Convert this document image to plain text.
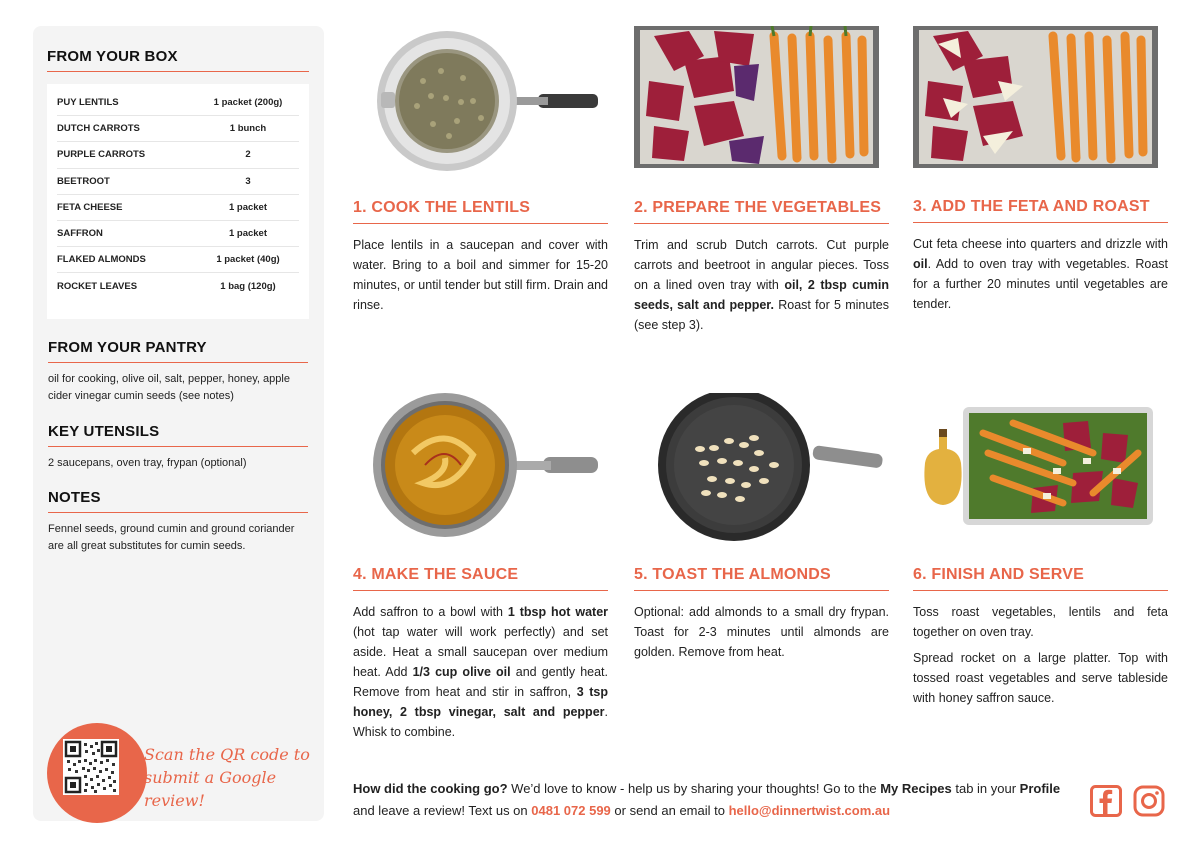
FROM YOUR BOX
PUY LENTILS	1 packet (200g)
DUTCH CARROTS	1 bunch
PURPLE CARROTS	2
BEETROOT	3
FETA CHEESE	1 packet
SAFFRON	1 packet
FLAKED ALMONDS	1 packet (40g)
ROCKET LEAVES	1 bag (120g)
FROM YOUR PANTRY
oil for cooking, olive oil, salt, pepper, honey, apple cider vinegar cumin seeds (see notes)
KEY UTENSILS
2 saucepans, oven tray, frypan (optional)
NOTES
Fennel seeds, ground cumin and ground coriander are all great substitutes for cumin seeds.
Scan the QR code to submit a Google review!
1. COOK THE LENTILS

Place lentils in a saucepan and cover with water. Bring to a boil and simmer for 15-20 minutes, or until tender but still firm. Drain and rinse.

2. PREPARE THE VEGETABLES

Trim and scrub Dutch carrots. Cut purple carrots and beetroot in angular pieces. Toss on a lined oven tray with oil, 2 tbsp cumin seeds, salt and pepper. Roast for 5 minutes (see step 3).

3. ADD THE FETA AND ROAST

Cut feta cheese into quarters and drizzle with oil. Add to oven tray with vegetables. Roast for a further 20 minutes until vegetables are tender.

4. MAKE THE SAUCE

Add saffron to a bowl with 1 tbsp hot water (hot tap water will work perfectly) and set aside. Heat a small saucepan over medium heat. Add 1/3 cup olive oil and gently heat. Remove from heat and stir in saffron, 3 tsp honey, 2 tbsp vinegar, salt and pepper. Whisk to combine.

5. TOAST THE ALMONDS

Optional: add almonds to a small dry frypan. Toast for 2-3 minutes until almonds are golden. Remove from heat.

6. FINISH AND SERVE

Toss roast vegetables, lentils and feta together on oven tray.

Spread rocket on a large platter. Top with tossed roast vegetables and serve tableside with honey saffron sauce.

How did the cooking go? We’d love to know - help us by sharing your thoughts! Go to the My Recipes tab in your Profile and leave a review! Text us on 0481 072 599 or send an email to hello@dinnertwist.com.au
